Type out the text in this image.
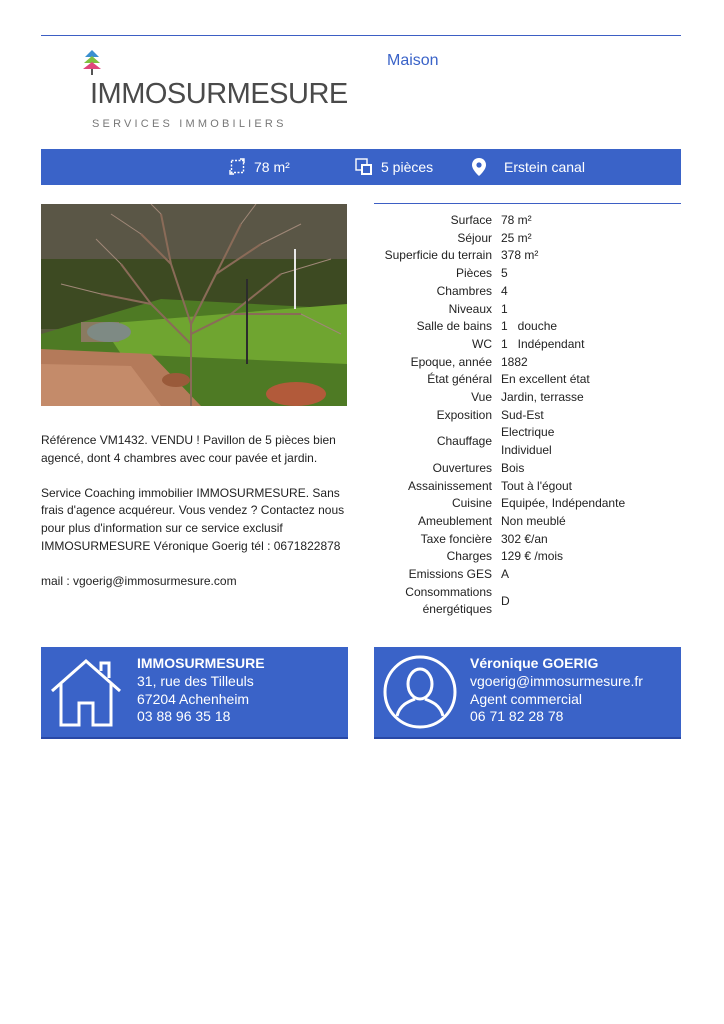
IMMOSURMESURE
SERVICES IMMOBILIERS
Maison
78 m²	5 pièces	Erstein canal

Référence VM1432. VENDU ! Pavillon de 5 pièces bien agencé, dont 4 chambres avec cour pavée et jardin.

Service Coaching immobilier IMMOSURMESURE. Sans frais d'agence acquéreur. Vous vendez ? Contactez nous pour plus d'information sur ce service exclusif IMMOSURMESURE Véronique Goerig tél : 0671822878

mail : vgoerig@immosurmesure.com

Surface 78 m²
Séjour 25 m²
Superficie du terrain 378 m²
Pièces 5
Chambres 4
Niveaux 1
Salle de bains 1   douche
WC 1   Indépendant
Epoque, année 1882
État général En excellent état
Vue Jardin, terrasse
Exposition Sud-Est
Chauffage
Electrique
Individuel
Ouvertures Bois
Assainissement Tout à l'égout
Cuisine Equipée, Indépendante
Ameublement Non meublé
Taxe foncière 302 €/an
Charges 129 € /mois
Emissions GES A
Consommations
énergétiques
D
IMMOSURMESURE
31, rue des Tilleuls
67204 Achenheim
03 88 96 35 18
Véronique GOERIG
vgoerig@immosurmesure.fr
Agent commercial
06 71 82 28 78
